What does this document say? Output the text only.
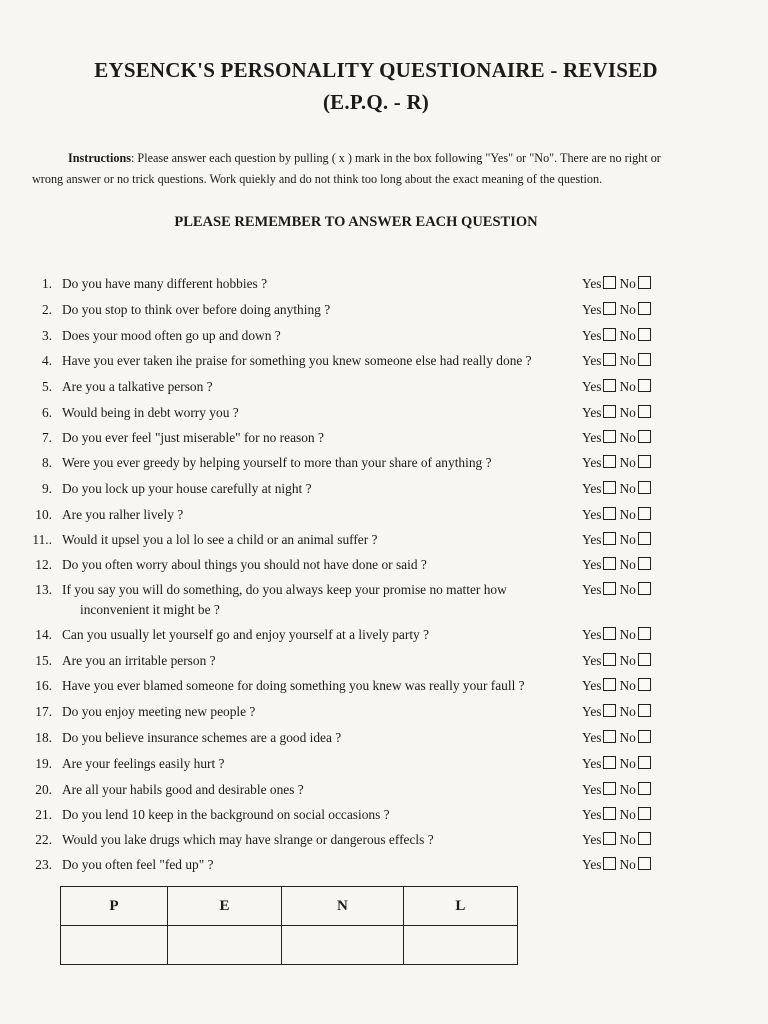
EYSENCK'S PERSONALITY QUESTIONAIRE - REVISED
(E.P.Q. - R)
Instructions: Please answer each question by pulling ( x ) mark in the box following "Yes" or "No". There are no right or wrong answer or no trick questions. Work quiekly and do not think too long about the exact meaning of the question.
PLEASE REMEMBER TO ANSWER EACH QUESTION
1. Do you have many different hobbies ?	Yes No
2. Do you stop to think over before doing anything ?	Yes No
3. Does your mood often go up and down ?	Yes No
4. Have you ever taken ihe praise for something you knew someone else had really done ?	Yes No
5. Are you a talkative person ?	Yes No
6. Would being in debt worry you ?	Yes No
7. Do you ever feel "just miserable" for no reason ?	Yes No
8. Were you ever greedy by helping yourself to more than your share of anything ?	Yes No
9. Do you lock up your house carefully at night ?	Yes No
10. Are you ralher lively ?	Yes No
11.. Would it upsel you a lol lo see a child or an animal suffer ?	Yes No
12. Do you often worry aboul things you should not have done or said ?	Yes No
13. If you say you will do something, do you always keep your promise no matter how
inconvenient it might be ?
Yes No
14. Can you usually let yourself go and enjoy yourself at a lively party ?	Yes No
15. Are you an irritable person ?	Yes No
16. Have you ever blamed someone for doing something you knew was really your faull ?	Yes No
17. Do you enjoy meeting new people ?	Yes No
18. Do you believe insurance schemes are a good idea ?	Yes No
19. Are your feelings easily hurt ?	Yes No
20. Are all your habils good and desirable ones ?	Yes No
21. Do you lend 10 keep in the background on social occasions ?	Yes No
22. Would you lake drugs which may have slrange or dangerous effecls ?	Yes No
23. Do you often feel "fed up" ?	Yes No
P	E	N	L
